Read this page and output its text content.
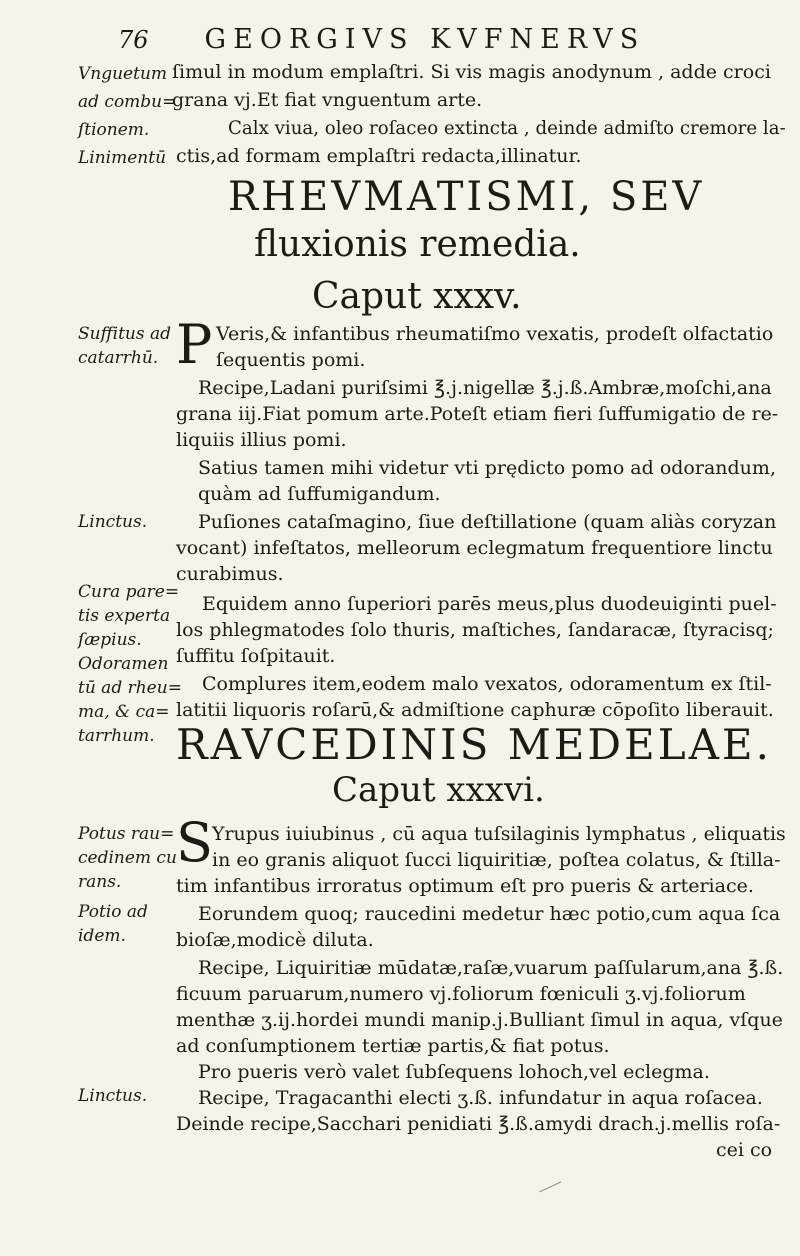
76 GEORGIVS KVFNERVS
Vnguetum
ad combu=
ſtionem.
Linimentū
ſimul in modum emplaſtri. Si vis magis anodynum , adde croci
grana vj.Et fiat vnguentum arte.
Calx viua, oleo roſaceo extincta , deinde admiſto cremore la-
ctis,ad formam emplaſtri redacta,illinatur.
RHEVMATISMI, SEV
fluxionis remedia.
Caput xxxv.
Suffitus ad
catarrhū.
Linctus.
Cura pare=
tis experta
ſæpius.
Odoramen
tū ad rheu=
ma, & ca=
tarrhum.
P Veris,& infantibus rheumatiſmo vexatis, prodeſt olfactatio
ſequentis pomi.
Recipe,Ladani puriſsimi ℥.j.nigellæ ℥.j.ß.Ambræ,moſchi,ana
grana iij.Fiat pomum arte.Poteſt etiam fieri ſuffumigatio de re-
liquiis illius pomi.
Satius tamen mihi videtur vti prędicto pomo ad odorandum,
quàm ad ſuffumigandum.
Puſiones cataſmagino, ſiue deſtillatione (quam aliàs coryzan
vocant) infeſtatos, melleorum eclegmatum frequentiore linctu
curabimus.
Equidem anno ſuperiori parēs meus,plus duodeuiginti puel-
los phlegmatodes ſolo thuris, maſtiches, ſandaracæ, ſtyracisq;
ſuffitu ſoſpitauit.
Complures item,eodem malo vexatos, odoramentum ex ſtil-
latitii liquoris roſarū,& admiſtione caphuræ cōpoſito liberauit.
RAVCEDINIS MEDELAE.
Caput xxxvi.
Potus rau=
cedinem cu
rans.
Potio ad
idem.
Linctus.
S Yrupus iuiubinus , cū aqua tuſsilaginis lymphatus , eliquatis
in eo granis aliquot ſucci liquiritiæ, poſtea colatus, & ſtilla-
tim infantibus irroratus optimum eſt pro pueris & arteriace.
Eorundem quoq; raucedini medetur hæc potio,cum aqua ſca
bioſæ,modicè diluta.
Recipe, Liquiritiæ mūdatæ,raſæ,vuarum paſſularum,ana ℥.ß.
ficuum paruarum,numero vj.foliorum fœniculi ʒ.vj.foliorum
menthæ ʒ.ij.hordei mundi manip.j.Bulliant ſimul in aqua, vſque
ad conſumptionem tertiæ partis,& fiat potus.
Pro pueris verò valet ſubſequens lohoch,vel eclegma.
Recipe, Tragacanthi electi ʒ.ß. infundatur in aqua roſacea.
Deinde recipe,Sacchari penidiati ℥.ß.amydi drach.j.mellis roſa-
cei co
